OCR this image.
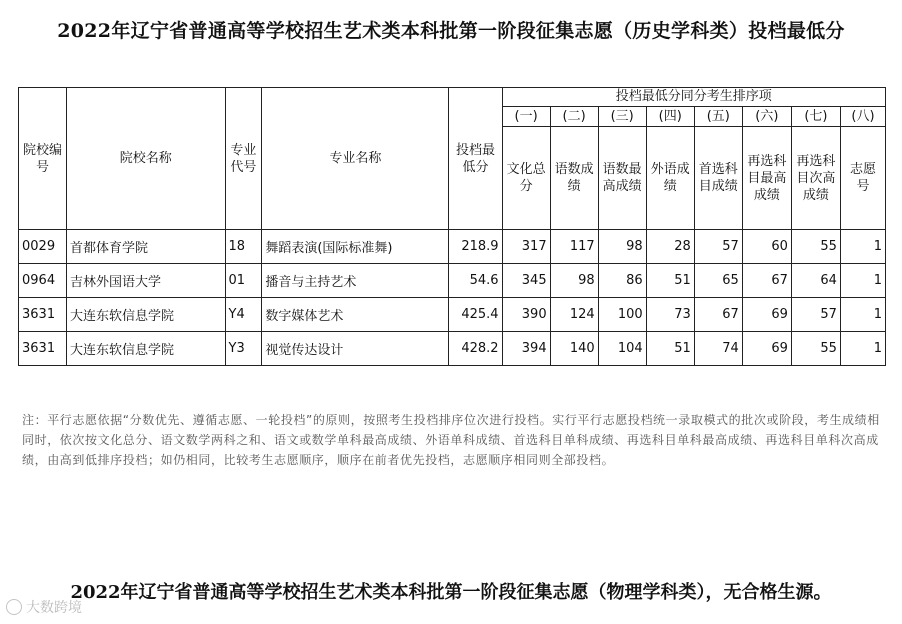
2022年辽宁省普通高等学校招生艺术类本科批第一阶段征集志愿（历史学科类）投档最低分
院校编号	院校名称	专业代号	专业名称	投档最低分	投档最低分同分考生排序项							
					(一)	(二)	(三)	(四)	(五)	(六)	(七)	(八)
					文化总分	语数成绩	语数最高成绩	外语成绩	首选科目成绩	再选科目最高成绩	再选科目次高成绩	志愿号
0029	首都体育学院	18	舞蹈表演(国际标准舞)	218.9	317	117	98	28	57	60	55	1
0964	吉林外国语大学	01	播音与主持艺术	54.6	345	98	86	51	65	67	64	1
3631	大连东软信息学院	Y4	数字媒体艺术	425.4	390	124	100	73	67	69	57	1
3631	大连东软信息学院	Y3	视觉传达设计	428.2	394	140	104	51	74	69	55	1
注：平行志愿依据“分数优先、遵循志愿、一轮投档”的原则，按照考生投档排序位次进行投档。实行平行志愿投档统一录取模式的批次或阶段，考生成绩相同时，依次按文化总分、语文数学两科之和、语文或数学单科最高成绩、外语单科成绩、首选科目单科成绩、再选科目单科最高成绩、再选科目单科次高成绩，由高到低排序投档；如仍相同，比较考生志愿顺序，顺序在前者优先投档，志愿顺序相同则全部投档。
2022年辽宁省普通高等学校招生艺术类本科批第一阶段征集志愿（物理学科类），无合格生源。
大数跨境
